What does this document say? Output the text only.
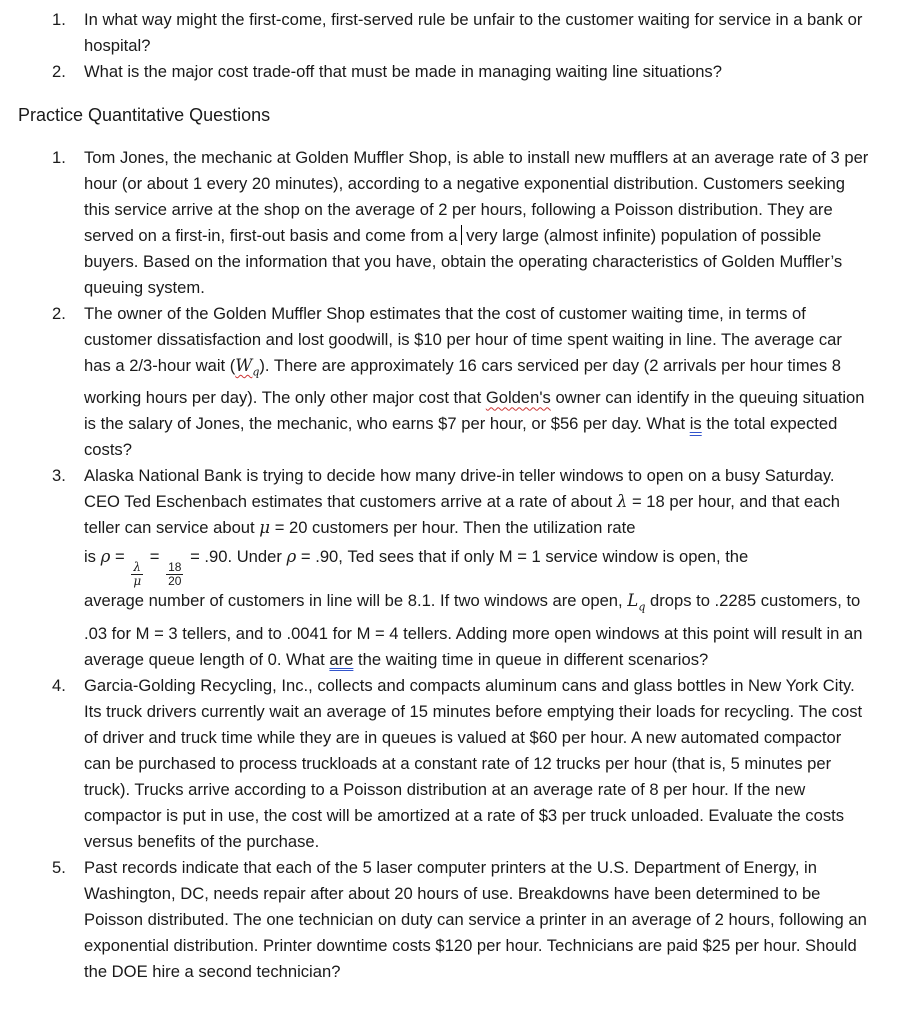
1. In what way might the first-come, first-served rule be unfair to the customer waiting for service in a bank or hospital?
2. What is the major cost trade-off that must be made in managing waiting line situations?
Practice Quantitative Questions
1. Tom Jones, the mechanic at Golden Muffler Shop, is able to install new mufflers at an average rate of 3 per hour (or about 1 every 20 minutes), according to a negative exponential distribution. Customers seeking this service arrive at the shop on the average of 2 per hours, following a Poisson distribution. They are served on a first-in, first-out basis and come from a very large (almost infinite) population of possible buyers. Based on the information that you have, obtain the operating characteristics of Golden Muffler’s queuing system.
2. The owner of the Golden Muffler Shop estimates that the cost of customer waiting time, in terms of customer dissatisfaction and lost goodwill, is $10 per hour of time spent waiting in line. The average car has a 2/3-hour wait $(W_q)$. There are approximately 16 cars serviced per day (2 arrivals per hour times 8 working hours per day). The only other major cost that Golden's owner can identify in the queuing situation is the salary of Jones, the mechanic, who earns $7 per hour, or $56 per day. What is the total expected costs?
3. Alaska National Bank is trying to decide how many drive-in teller windows to open on a busy Saturday. CEO Ted Eschenbach estimates that customers arrive at a rate of about λ = 18 per hour, and that each teller can service about μ = 20 customers per hour. Then the utilization rate
is ρ =
$\frac{\lambda}{\mu}$
=
$\frac{18}{20}$
= .90. Under ρ = .90, Ted sees that if only M = 1 service window is open, the
average number of customers in line will be 8.1. If two windows are open, $L_q$ drops to .2285 customers, to .03 for M = 3 tellers, and to .0041 for M = 4 tellers. Adding more open windows at this point will result in an average queue length of 0. What are the waiting time in queue in different scenarios?
4. Garcia-Golding Recycling, Inc., collects and compacts aluminum cans and glass bottles in New York City. Its truck drivers currently wait an average of 15 minutes before emptying their loads for recycling. The cost of driver and truck time while they are in queues is valued at $60 per hour. A new automated compactor can be purchased to process truckloads at a constant rate of 12 trucks per hour (that is, 5 minutes per truck). Trucks arrive according to a Poisson distribution at an average rate of 8 per hour. If the new compactor is put in use, the cost will be amortized at a rate of $3 per truck unloaded. Evaluate the costs versus benefits of the purchase.
5. Past records indicate that each of the 5 laser computer printers at the U.S. Department of Energy, in Washington, DC, needs repair after about 20 hours of use. Breakdowns have been determined to be Poisson distributed. The one technician on duty can service a printer in an average of 2 hours, following an exponential distribution. Printer downtime costs $120 per hour. Technicians are paid $25 per hour. Should the DOE hire a second technician?
